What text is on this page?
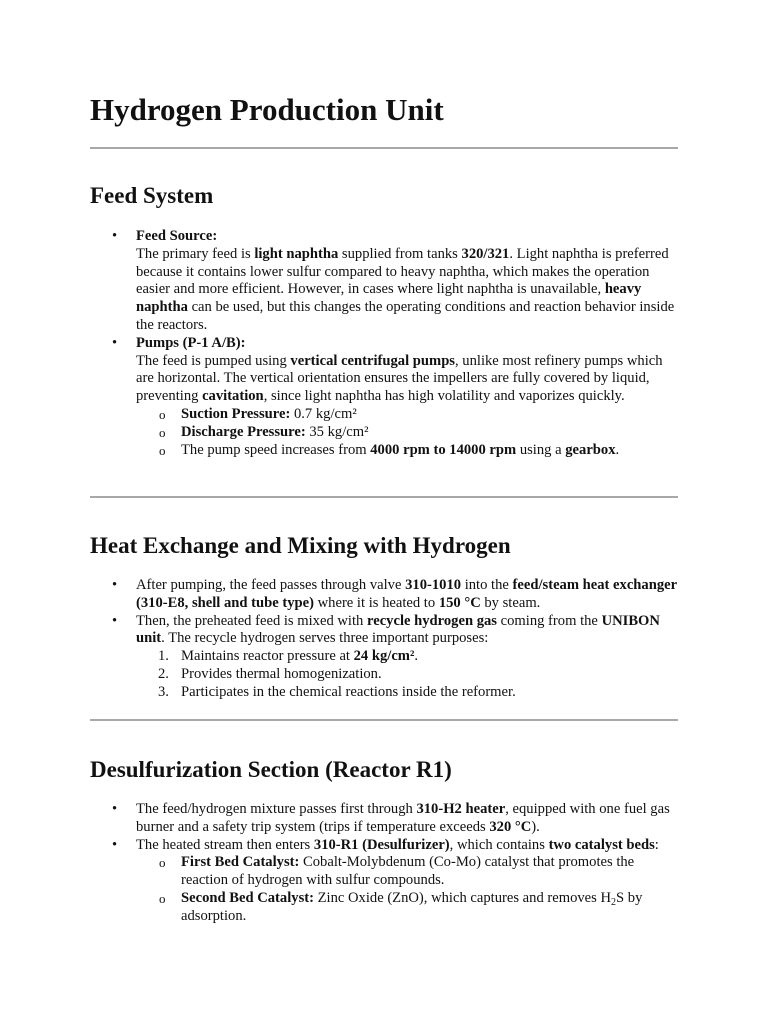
Hydrogen Production Unit
Feed System
• Feed Source:
The primary feed is light naphtha supplied from tanks 320/321. Light naphtha is preferred because it contains lower sulfur compared to heavy naphtha, which makes the operation easier and more efficient. However, in cases where light naphtha is unavailable, heavy naphtha can be used, but this changes the operating conditions and reaction behavior inside the reactors.
• Pumps (P-1 A/B):
The feed is pumped using vertical centrifugal pumps, unlike most refinery pumps which are horizontal. The vertical orientation ensures the impellers are fully covered by liquid, preventing cavitation, since light naphtha has high volatility and vaporizes quickly.
o Suction Pressure: 0.7 kg/cm²
o Discharge Pressure: 35 kg/cm²
o The pump speed increases from 4000 rpm to 14000 rpm using a gearbox.
Heat Exchange and Mixing with Hydrogen
• After pumping, the feed passes through valve 310-1010 into the feed/steam heat exchanger (310-E8, shell and tube type) where it is heated to 150 °C by steam.
• Then, the preheated feed is mixed with recycle hydrogen gas coming from the UNIBON unit. The recycle hydrogen serves three important purposes:
1. Maintains reactor pressure at 24 kg/cm².
2. Provides thermal homogenization.
3. Participates in the chemical reactions inside the reformer.
Desulfurization Section (Reactor R1)
• The feed/hydrogen mixture passes first through 310-H2 heater, equipped with one fuel gas burner and a safety trip system (trips if temperature exceeds 320 °C).
• The heated stream then enters 310-R1 (Desulfurizer), which contains two catalyst beds:
o First Bed Catalyst: Cobalt-Molybdenum (Co-Mo) catalyst that promotes the reaction of hydrogen with sulfur compounds.
o Second Bed Catalyst: Zinc Oxide (ZnO), which captures and removes $H_2S$ by adsorption.
